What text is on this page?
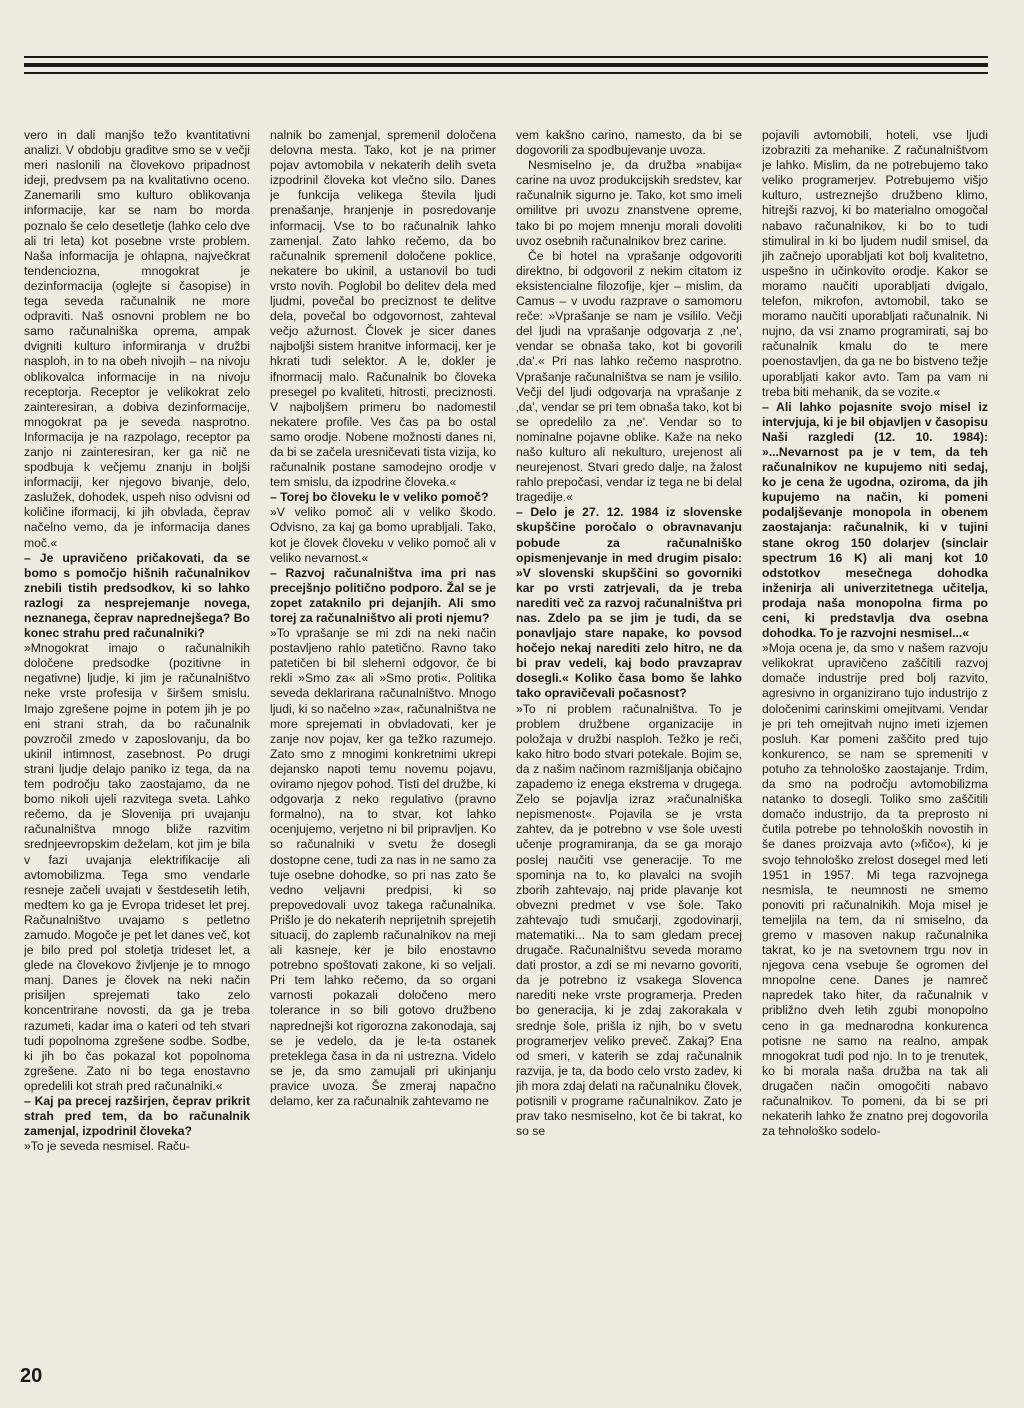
vero in dali manjšo težo kvantitativni analizi. V obdobju graditve smo se v večji meri naslonili na človekovo pripadnost ideji, predvsem pa na kvalitativno oceno. Zanemarili smo kulturo oblikovanja informacije, kar se nam bo morda poznalo še celo desetletje (lahko celo dve ali tri leta) kot posebne vrste problem. Naša informacija je ohlapna, največkrat tendenciozna, mnogokrat je dezinformacija (oglejte si časopise) in tega seveda računalnik ne more odpraviti. Naš osnovni problem ne bo samo računalniška oprema, ampak dvigniti kulturo informiranja v družbi nasploh, in to na obeh nivojih – na nivoju oblikovalca informacije in na nivoju receptorja. Receptor je velikokrat zelo zainteresiran, a dobiva dezinformacije, mnogokrat pa je seveda nasprotno. Informacija je na razpolago, receptor pa zanjo ni zainteresiran, ker ga nič ne spodbuja k večjemu znanju in boljši informaciji, ker njegovo bivanje, delo, zaslužek, dohodek, uspeh niso odvisni od količine iformacij, ki jih obvlada, čeprav načelno vemo, da je informacija danes moč.«

– Je upravičeno pričakovati, da se bomo s pomočjo hišnih računalnikov znebili tistih predsodkov, ki so lahko razlogi za nesprejemanje novega, neznanega, čeprav naprednejšega? Bo konec strahu pred računalniki?

»Mnogokrat imajo o računalnikih določene predsodke (pozitivne in negativne) ljudje, ki jim je računalništvo neke vrste profesija v širšem smislu. Imajo zgrešene pojme in potem jih je po eni strani strah, da bo računalnik povzročil zmedo v zaposlovanju, da bo ukinil intimnost, zasebnost. Po drugi strani ljudje delajo paniko iz tega, da na tem področju tako zaostajamo, da ne bomo nikoli ujeli razvitega sveta. Lahko rečemo, da je Slovenija pri uvajanju računalništva mnogo bliže razvitim srednjeevropskim deželam, kot jim je bila v fazi uvajanja elektrifikacije ali avtomobilizma. Tega smo vendarle resneje začeli uvajati v šestdesetih letih, medtem ko ga je Evropa trideset let prej. Računalništvo uvajamo s petletno zamudo. Mogoče je pet let danes več, kot je bilo pred pol stoletja trideset let, a glede na človekovo življenje je to mnogo manj. Danes je človek na neki način prisiljen sprejemati tako zelo koncentrirane novosti, da ga je treba razumeti, kadar ima o kateri od teh stvari tudi popolnoma zgrešene sodbe. Sodbe, ki jih bo čas pokazal kot popolnoma zgrešene. Zato ni bo tega enostavno opredelili kot strah pred računalniki.«

– Kaj pa precej razširjen, čeprav prikrit strah pred tem, da bo računalnik zamenjal, izpodrinil človeka?

»To je seveda nesmisel. Raču-

nalnik bo zamenjal, spremenil določena delovna mesta. Tako, kot je na primer pojav avtomobila v nekaterih delih sveta izpodrinil človeka kot vlečno silo. Danes je funkcija velikega števila ljudi prenašanje, hranjenje in posredovanje informacij. Vse to bo računalnik lahko zamenjal. Zato lahko rečemo, da bo računalnik spremenil določene poklice, nekatere bo ukinil, a ustanovil bo tudi vrsto novih. Poglobil bo delitev dela med ljudmi, povečal bo preciznost te delitve dela, povečal bo odgovornost, zahteval večjo ažurnost. Človek je sicer danes najboljši sistem hranitve informacij, ker je hkrati tudi selektor. A le, dokler je ifnormacij malo. Računalnik bo človeka presegel po kvaliteti, hitrosti, preciznosti. V najboljšem primeru bo nadomestil nekatere profile. Ves čas pa bo ostal samo orodje. Nobene možnosti danes ni, da bi se začela uresničevati tista vizija, ko računalnik postane samodejno orodje v tem smislu, da izpodrine človeka.«

– Torej bo človeku le v veliko pomoč?

»V veliko pomoč ali v veliko škodo. Odvisno, za kaj ga bomo uprabljali. Tako, kot je človek človeku v veliko pomoč ali v veliko nevarnost.«

– Razvoj računalništva ima pri nas precejšnjo politično podporo. Žal se je zopet zataknilo pri dejanjih. Ali smo torej za računalništvo ali proti njemu?

»To vprašanje se mi zdi na neki način postavljeno rahlo patetično. Ravno tako patetičen bi bil slehernì odgovor, če bi rekli »Smo za« ali »Smo proti«. Politika seveda deklarirana računalništvo. Mnogo ljudi, ki so načelno »za«, računalništva ne more sprejemati in obvladovati, ker je zanje nov pojav, ker ga težko razumejo. Zato smo z mnogimi konkretnimi ukrepi dejansko napoti temu novemu pojavu, oviramo njegov pohod. Tisti del družbe, ki odgovarja z neko regulativo (pravno formalno), na to stvar, kot lahko ocenjujemo, verjetno ni bil pripravljen. Ko so računalniki v svetu že dosegli dostopne cene, tudi za nas in ne samo za tuje osebne dohodke, so pri nas zato še vedno veljavni predpisi, ki so prepovedovali uvoz takega računalnika. Prišlo je do nekaterih neprijetnih sprejetih situacij, do zaplemb računalnikov na meji ali kasneje, ker je bilo enostavno potrebno spoštovati zakone, ki so veljali. Pri tem lahko rečemo, da so organi varnosti pokazali določeno mero tolerance in so bili gotovo družbeno naprednejši kot rigorozna zakonodaja, saj se je vedelo, da je le-ta ostanek preteklega časa in da ni ustrezna. Videlo se je, da smo zamujali pri ukinjanju pravice uvoza. Še zmeraj napačno delamo, ker za računalnik zahtevamo ne

vem kakšno carino, namesto, da bi se dogovorili za spodbujevanje uvoza.

Nesmiselno je, da družba »nabija« carine na uvoz produkcijskih sredstev, kar računalnik sigurno je. Tako, kot smo imeli omilitve pri uvozu znanstvene opreme, tako bi po mojem mnenju morali dovoliti uvoz osebnih računalnikov brez carine.

Če bi hotel na vprašanje odgovoriti direktno, bi odgovoril z nekim citatom iz eksistencialne filozofije, kjer – mislim, da Camus – v uvodu razprave o samomoru reče: »Vprašanje se nam je vsililo. Večji del ljudi na vprašanje odgovarja z ‚ne', vendar se obnaša tako, kot bi govorili ‚da'.« Pri nas lahko rečemo nasprotno. Vprašanje računalništva se nam je vsililo. Večji del ljudi odgovarja na vprašanje z ‚da', vendar se pri tem obnaša tako, kot bi se opredelilo za ‚ne'. Vendar so to nominalne pojavne oblike. Kaže na neko našo kulturo ali nekulturo, urejenost ali neurejenost. Stvari gredo dalje, na žalost rahlo prepočasi, vendar iz tega ne bi delal tragedije.«

– Delo je 27. 12. 1984 iz slovenske skupščine poročalo o obravnavanju pobude za računalniško opismenjevanje in med drugim pisalo: »V slovenski skupščini so govorniki kar po vrsti zatrjevali, da je treba narediti več za razvoj računalništva pri nas. Zdelo pa se jim je tudi, da se ponavljajo stare napake, ko povsod hočejo nekaj narediti zelo hitro, ne da bi prav vedeli, kaj bodo pravzaprav dosegli.« Koliko časa bomo še lahko tako opravičevali počasnost?

»To ni problem računalništva. To je problem družbene organizacije in položaja v družbi nasploh. Težko je reči, kako hitro bodo stvari potekale. Bojim se, da z našim načinom razmišljanja običajno zapademo iz enega ekstrema v drugega. Zelo se pojavlja izraz »računalniška nepismenost«. Pojavila se je vrsta zahtev, da je potrebno v vse šole uvesti učenje programiranja, da se ga morajo poslej naučiti vse generacije. To me spominja na to, ko plavalci na svojih zborih zahtevajo, naj pride plavanje kot obvezni predmet v vse šole. Tako zahtevajo tudi smučarji, zgodovinarji, matematiki... Na to sam gledam precej drugače. Računalništvu seveda moramo dati prostor, a zdi se mi nevarno govoriti, da je potrebno iz vsakega Slovenca narediti neke vrste programerja. Preden bo generacija, ki je zdaj zakorakala v srednje šole, prišla iz njih, bo v svetu programerjev veliko preveč. Zakaj? Ena od smeri, v katerih se zdaj računalnik razvija, je ta, da bodo celo vrsto zadev, ki jih mora zdaj delati na računalniku človek, potisnili v programe računalnikov. Zato je prav tako nesmiselno, kot če bi takrat, ko so se

pojavili avtomobili, hoteli, vse ljudi izobraziti za mehanike. Z računalništvom je lahko. Mislim, da ne potrebujemo tako veliko programerjev. Potrebujemo višjo kulturo, ustreznejšo družbeno klimo, hitrejši razvoj, ki bo materialno omogočal nabavo računalnikov, ki bo to tudi stimuliral in ki bo ljudem nudil smisel, da jih začnejo uporabljati kot bolj kvalitetno, uspešno in učinkovito orodje. Kakor se moramo naučiti uporabljati dvigalo, telefon, mikrofon, avtomobil, tako se moramo naučiti uporabljati računalnik. Ni nujno, da vsi znamo programirati, saj bo računalnik kmalu do te mere poenostavljen, da ga ne bo bistveno težje uporabljati kakor avto. Tam pa vam ni treba biti mehanik, da se vozite.«

– Ali lahko pojasnite svojo misel iz intervjuja, ki je bil objavljen v časopisu Naši razgledi (12. 10. 1984): »...Nevarnost pa je v tem, da teh računalnikov ne kupujemo niti sedaj, ko je cena že ugodna, oziroma, da jih kupujemo na način, ki pomeni podaljševanje monopola in obenem zaostajanja: računalnik, ki v tujini stane okrog 150 dolarjev (sinclair spectrum 16 K) ali manj kot 10 odstotkov mesečnega dohodka inženirja ali univerzitetnega učitelja, prodaja naša monopolna firma po ceni, ki predstavlja dva osebna dohodka. To je razvojni nesmisel...«

»Moja ocena je, da smo v našem razvoju velikokrat upravičeno zaščitili razvoj domače industrije pred bolj razvito, agresivno in organizirano tujo industrijo z določenimi carinskimi omejitvami. Vendar je pri teh omejitvah nujno imeti izjemen posluh. Kar pomeni zaščito pred tujo konkurenco, se nam se spremeniti v potuho za tehnološko zaostajanje. Trdim, da smo na področju avtomobilizma natanko to dosegli. Toliko smo zaščitili domačo industrijo, da ta preprosto ni čutila potrebe po tehnoloških novostih in še danes proizvaja avto (»fičo«), ki je svojo tehnološko zrelost dosegel med leti 1951 in 1957. Mi tega razvojnega nesmisla, te neumnosti ne smemo ponoviti pri računalnikih. Moja misel je temeljila na tem, da ni smiselno, da gremo v masoven nakup računalnika takrat, ko je na svetovnem trgu nov in njegova cena vsebuje še ogromen del mnopolne cene. Danes je namreč napredek tako hiter, da računalnik v približno dveh letih zgubi monopolno ceno in ga mednarodna konkurenca potisne ne samo na realno, ampak mnogokrat tudi pod njo. In to je trenutek, ko bi morala naša družba na tak ali drugačen način omogočiti nabavo računalnikov. To pomeni, da bi se pri nekaterih lahko že znatno prej dogovorila za tehnološko sodelo-

20
